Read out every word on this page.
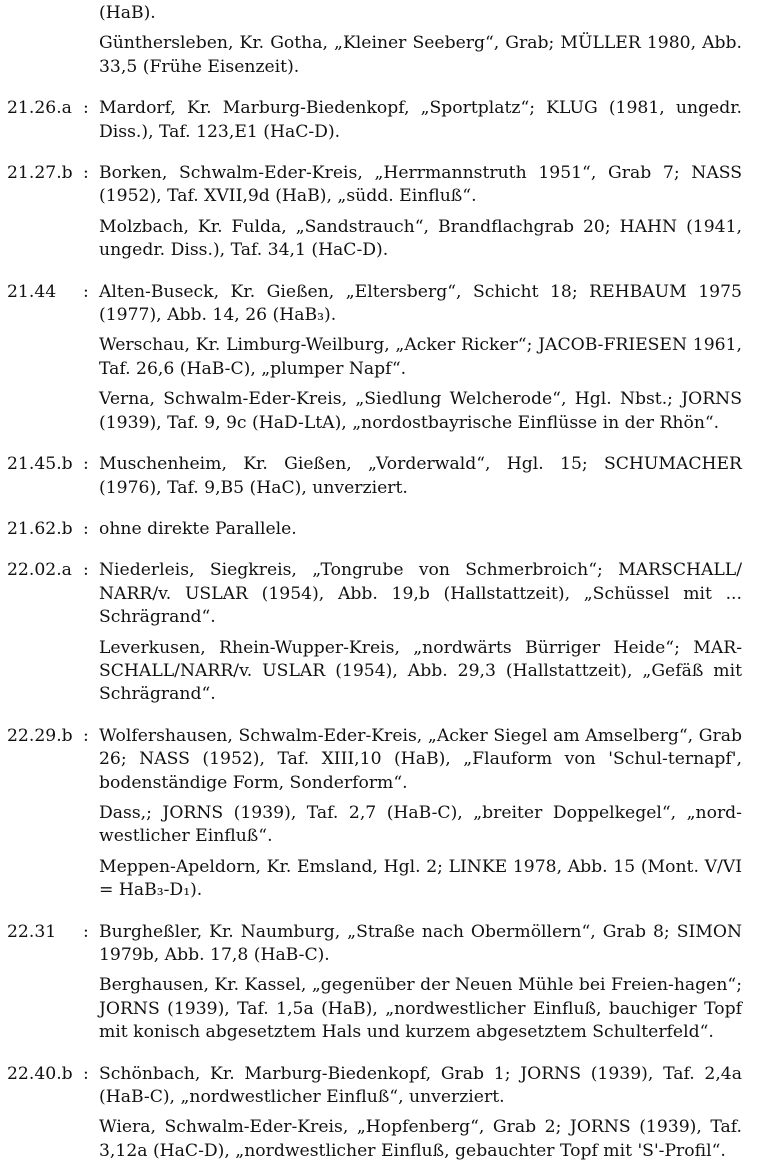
(HaB).
Günthersleben, Kr. Gotha, „Kleiner Seeberg“, Grab; MÜLLER 1980, Abb. 33,5 (Frühe Eisenzeit).
21.26.a : Mardorf, Kr. Marburg-Biedenkopf, „Sportplatz“; KLUG (1981, ungedr. Diss.), Taf. 123,E1 (HaC-D).
21.27.b : Borken, Schwalm-Eder-Kreis, „Herrmannstruth 1951“, Grab 7; NASS (1952), Taf. XVII,9d (HaB), „südd. Einfluß“.
Molzbach, Kr. Fulda, „Sandstrauch“, Brandflachgrab 20; HAHN (1941, ungedr. Diss.), Taf. 34,1 (HaC-D).
21.44	: Alten-Buseck, Kr. Gießen, „Eltersberg“, Schicht 18; REHBAUM 1975 (1977), Abb. 14, 26 (HaB₃).
Werschau, Kr. Limburg-Weilburg, „Acker Ricker“; JACOB-FRIESEN 1961, Taf. 26,6 (HaB-C), „plumper Napf“.
Verna, Schwalm-Eder-Kreis, „Siedlung Welcherode“, Hgl. Nbst.; JORNS (1939), Taf. 9, 9c (HaD-LtA), „nordostbayrische Einflüsse in der Rhön“.
21.45.b : Muschenheim, Kr. Gießen, „Vorderwald“, Hgl. 15; SCHUMACHER (1976), Taf. 9,B5 (HaC), unverziert.
21.62.b : ohne direkte Parallele.
22.02.a : Niederleis, Siegkreis, „Tongrube von Schmerbroich“; MARSCHALL/ NARR/v. USLAR (1954), Abb. 19,b (Hallstattzeit), „Schüssel mit ... Schrägrand“.
Leverkusen, Rhein-Wupper-Kreis, „nordwärts Bürriger Heide“; MAR-SCHALL/NARR/v. USLAR (1954), Abb. 29,3 (Hallstattzeit), „Gefäß mit Schrägrand“.
22.29.b : Wolfershausen, Schwalm-Eder-Kreis, „Acker Siegel am Amselberg“, Grab 26; NASS (1952), Taf. XIII,10 (HaB), „Flauform von 'Schul-ternapf', bodenständige Form, Sonderform“.
Dass,; JORNS (1939), Taf. 2,7 (HaB-C), „breiter Doppelkegel“, „nord-westlicher Einfluß“.
Meppen-Apeldorn, Kr. Emsland, Hgl. 2; LINKE 1978, Abb. 15 (Mont. V/VI = HaB₃-D₁).
22.31	: Burgheßler, Kr. Naumburg, „Straße nach Obermöllern“, Grab 8; SIMON 1979b, Abb. 17,8 (HaB-C).
Berghausen, Kr. Kassel, „gegenüber der Neuen Mühle bei Freien-hagen“; JORNS (1939), Taf. 1,5a (HaB), „nordwestlicher Einfluß, bauchiger Topf mit konisch abgesetztem Hals und kurzem abgesetztem Schulterfeld“.
22.40.b : Schönbach, Kr. Marburg-Biedenkopf, Grab 1; JORNS (1939), Taf. 2,4a (HaB-C), „nordwestlicher Einfluß“, unverziert.
Wiera, Schwalm-Eder-Kreis, „Hopfenberg“, Grab 2; JORNS (1939), Taf. 3,12a (HaC-D), „nordwestlicher Einfluß, gebauchter Topf mit 'S'-Profil“.
